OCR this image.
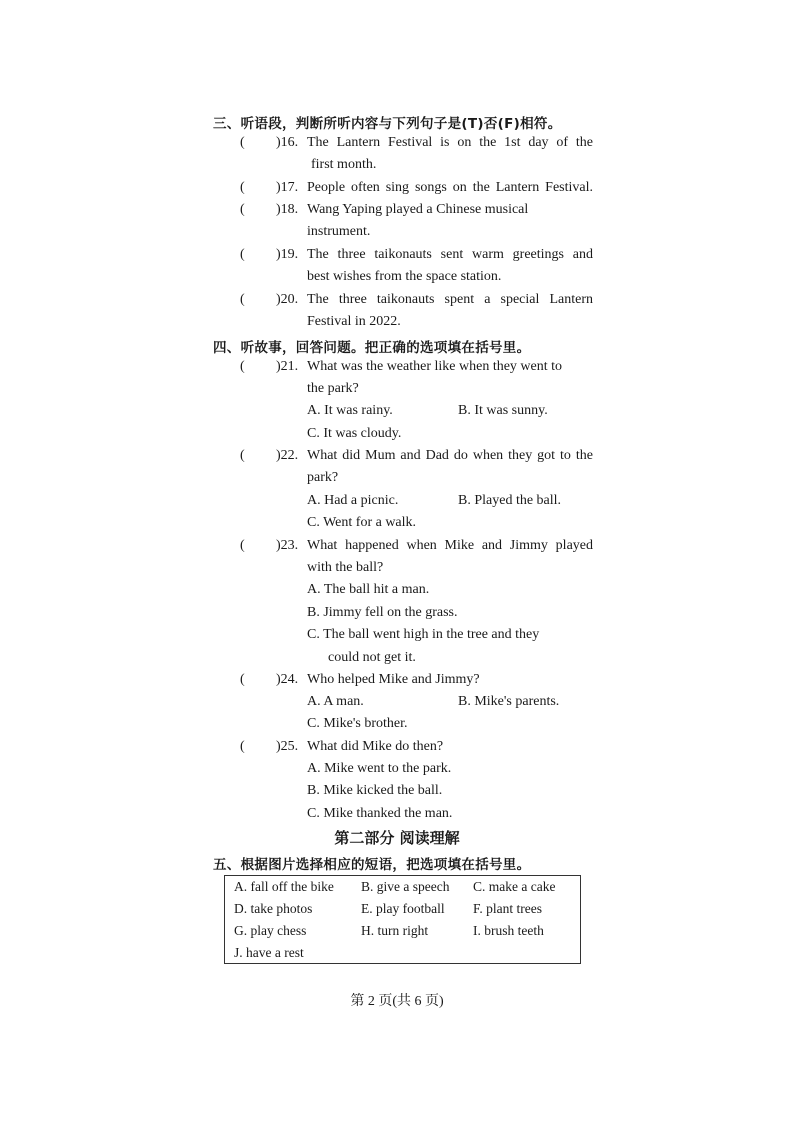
三、听语段，判断所听内容与下列句子是(T)否(F)相符。
( )16. The Lantern Festival is on the 1st day of the
first month.
( )17. People often sing songs on the Lantern Festival.
( )18. Wang Yaping played a Chinese musical
instrument.
( )19. The three taikonauts sent warm greetings and
best wishes from the space station.
( )20. The three taikonauts spent a special Lantern
Festival in 2022.
四、听故事，回答问题。把正确的选项填在括号里。
( )21. What was the weather like when they went to
the park?
A. It was rainy.	B. It was sunny.
C. It was cloudy.
( )22. What did Mum and Dad do when they got to the
park?
A. Had a picnic.	B. Played the ball.
C. Went for a walk.
( )23. What happened when Mike and Jimmy played
with the ball?
A. The ball hit a man.
B. Jimmy fell on the grass.
C. The ball went high in the tree and they
could not get it.
( )24. Who helped Mike and Jimmy?
A. A man.	B. Mike's parents.
C. Mike's brother.
( )25. What did Mike do then?
A. Mike went to the park.
B. Mike kicked the ball.
C. Mike thanked the man.
第二部分 阅读理解
五、根据图片选择相应的短语，把选项填在括号里。
A. fall off the bike B. give a speech C. make a cake
D. take photos	E. play football F. plant trees
G. play chess	H. turn right	I. brush teeth
J. have a rest
第 2 页(共 6 页)
